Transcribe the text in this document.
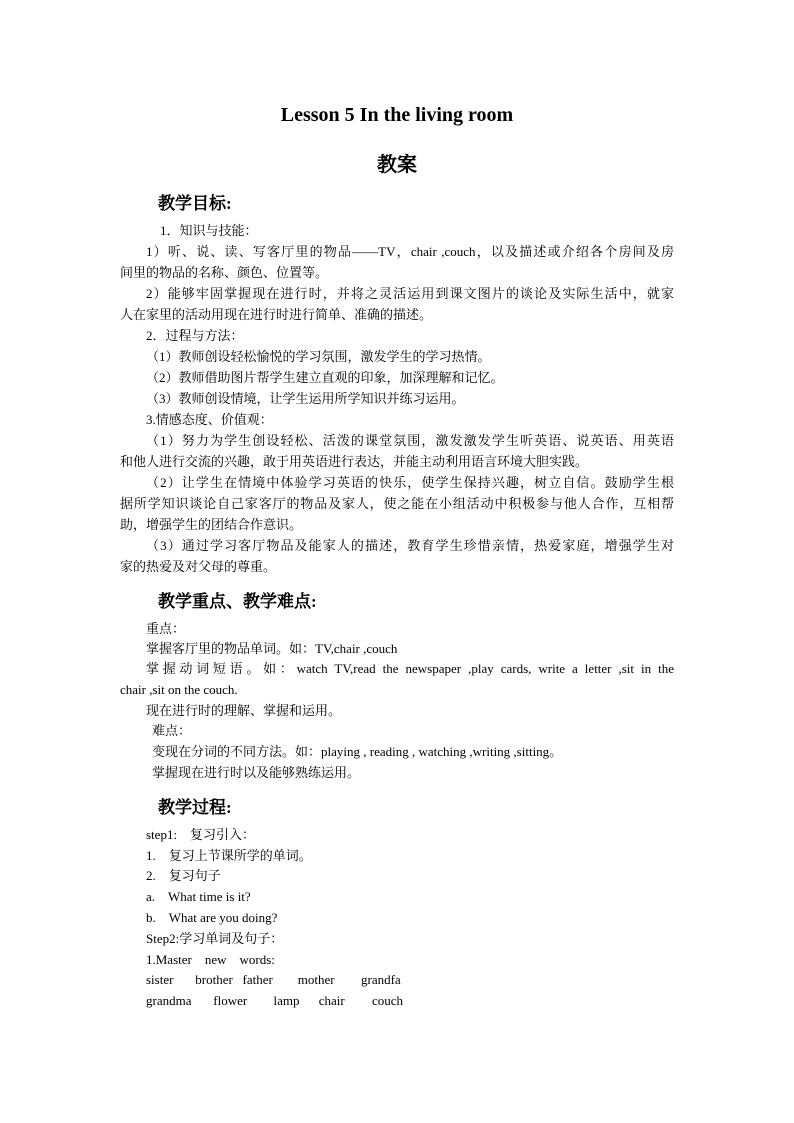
Lesson 5 In the living room
教案
教学目标:
1．知识与技能：
1）听、说、读、写客厅里的物品——TV，chair ,couch，以及描述或介绍各个房间及房
间里的物品的名称、颜色、位置等。
2）能够牢固掌握现在进行时，并将之灵活运用到课文图片的谈论及实际生活中，就家
人在家里的活动用现在进行时进行简单、准确的描述。
2．过程与方法：
（1）教师创设轻松愉悦的学习氛围，激发学生的学习热情。
（2）教师借助图片帮学生建立直观的印象，加深理解和记忆。
（3）教师创设情境，让学生运用所学知识并练习运用。
3.情感态度、价值观：
（1）努力为学生创设轻松、活泼的课堂氛围，激发激发学生听英语、说英语、用英语
和他人进行交流的兴趣，敢于用英语进行表达，并能主动利用语言环境大胆实践。
（2）让学生在情境中体验学习英语的快乐，使学生保持兴趣，树立自信。鼓励学生根
据所学知识谈论自己家客厅的物品及家人，使之能在小组活动中积极参与他人合作，互相帮
助，增强学生的团结合作意识。
（3）通过学习客厅物品及能家人的描述，教育学生珍惜亲情，热爱家庭，增强学生对
家的热爱及对父母的尊重。
教学重点、教学难点:
重点：
掌握客厅里的物品单词。如：TV,chair ,couch
掌握动词短语。如：watch TV,read the newspaper ,play cards, write a letter ,sit in the
chair ,sit on the couch.
现在进行时的理解、掌握和运用。
难点：
变现在分词的不同方法。如：playing , reading , watching ,writing ,sitting。
掌握现在进行时以及能够熟练运用。
教学过程:
step1:　复习引入：
1.　复习上节课所学的单词。
2.　复习句子
a.　What time is it?
b.　What are you doing?
Step2:学习单词及句子：
1.Master　new　words:
sister brother father mother grandfa
grandma flower lamp chair couch
